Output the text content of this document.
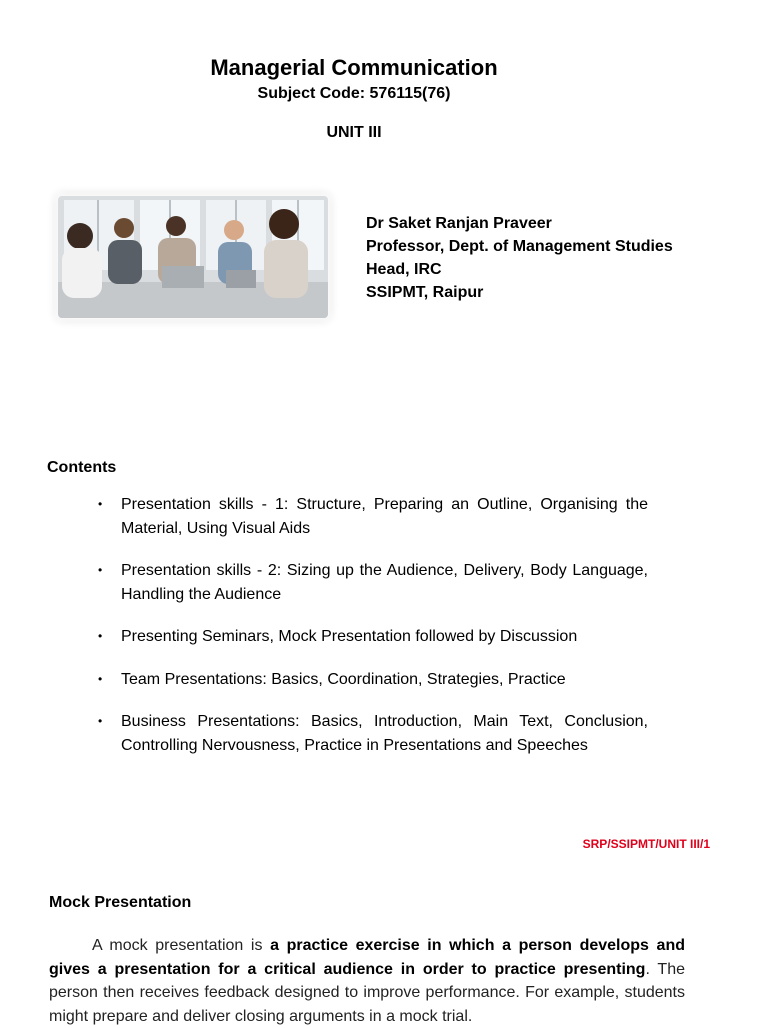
Managerial Communication
Subject Code: 576115(76)
UNIT III
Dr Saket Ranjan Praveer
Professor, Dept. of Management Studies
Head, IRC
SSIPMT, Raipur
Contents
• Presentation skills - 1: Structure, Preparing an Outline, Organising the Material, Using Visual Aids
• Presentation skills - 2: Sizing up the Audience, Delivery, Body Language, Handling the Audience
• Presenting Seminars, Mock Presentation followed by Discussion
• Team Presentations: Basics, Coordination, Strategies, Practice
• Business Presentations: Basics, Introduction, Main Text, Conclusion, Controlling Nervousness, Practice in Presentations and Speeches
SRP/SSIPMT/UNIT III/1
Mock Presentation
A mock presentation is a practice exercise in which a person develops and gives a presentation for a critical audience in order to practice presenting. The person then receives feedback designed to improve performance. For example, students might prepare and deliver closing arguments in a mock trial.
